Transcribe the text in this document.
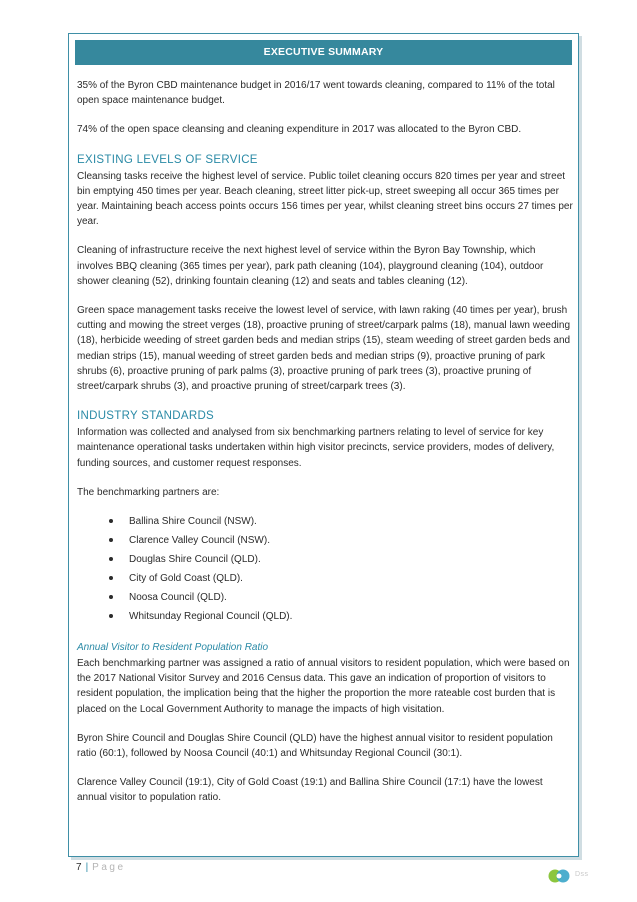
EXECUTIVE SUMMARY

35% of the Byron CBD maintenance budget in 2016/17 went towards cleaning, compared to 11% of the total open space maintenance budget.

74% of the open space cleansing and cleaning expenditure in 2017 was allocated to the Byron CBD.

EXISTING LEVELS OF SERVICE

Cleansing tasks receive the highest level of service. Public toilet cleaning occurs 820 times per year and street bin emptying 450 times per year. Beach cleaning, street litter pick-up, street sweeping all occur 365 times per year. Maintaining beach access points occurs 156 times per year, whilst cleaning street bins occurs 27 times per year.

Cleaning of infrastructure receive the next highest level of service within the Byron Bay Township, which involves BBQ cleaning (365 times per year), park path cleaning (104), playground cleaning (104), outdoor shower cleaning (52), drinking fountain cleaning (12) and seats and tables cleaning (12).

Green space management tasks receive the lowest level of service, with lawn raking (40 times per year), brush cutting and mowing the street verges (18), proactive pruning of street/carpark palms (18), manual lawn weeding (18), herbicide weeding of street garden beds and median strips (15), steam weeding of street garden beds and median strips (15), manual weeding of street garden beds and median strips (9), proactive pruning of park shrubs (6), proactive pruning of park palms (3), proactive pruning of park trees (3), proactive pruning of street/carpark shrubs (3), and proactive pruning of street/carpark trees (3).

INDUSTRY STANDARDS

Information was collected and analysed from six benchmarking partners relating to level of service for key maintenance operational tasks undertaken within high visitor precincts, service providers, modes of delivery, funding sources, and customer request responses.

The benchmarking partners are:

Ballina Shire Council (NSW).
Clarence Valley Council (NSW).
Douglas Shire Council (QLD).
City of Gold Coast (QLD).
Noosa Council (QLD).
Whitsunday Regional Council (QLD).
Annual Visitor to Resident Population Ratio

Each benchmarking partner was assigned a ratio of annual visitors to resident population, which were based on the 2017 National Visitor Survey and 2016 Census data. This gave an indication of proportion of visitors to resident population, the implication being that the higher the proportion the more rateable cost burden that is placed on the Local Government Authority to manage the impacts of high visitation.

Byron Shire Council and Douglas Shire Council (QLD) have the highest annual visitor to resident population ratio (60:1), followed by Noosa Council (40:1) and Whitsunday Regional Council (30:1).

Clarence Valley Council (19:1), City of Gold Coast (19:1) and Ballina Shire Council (17:1) have the lowest annual visitor to population ratio.

7 | Page
Dss
